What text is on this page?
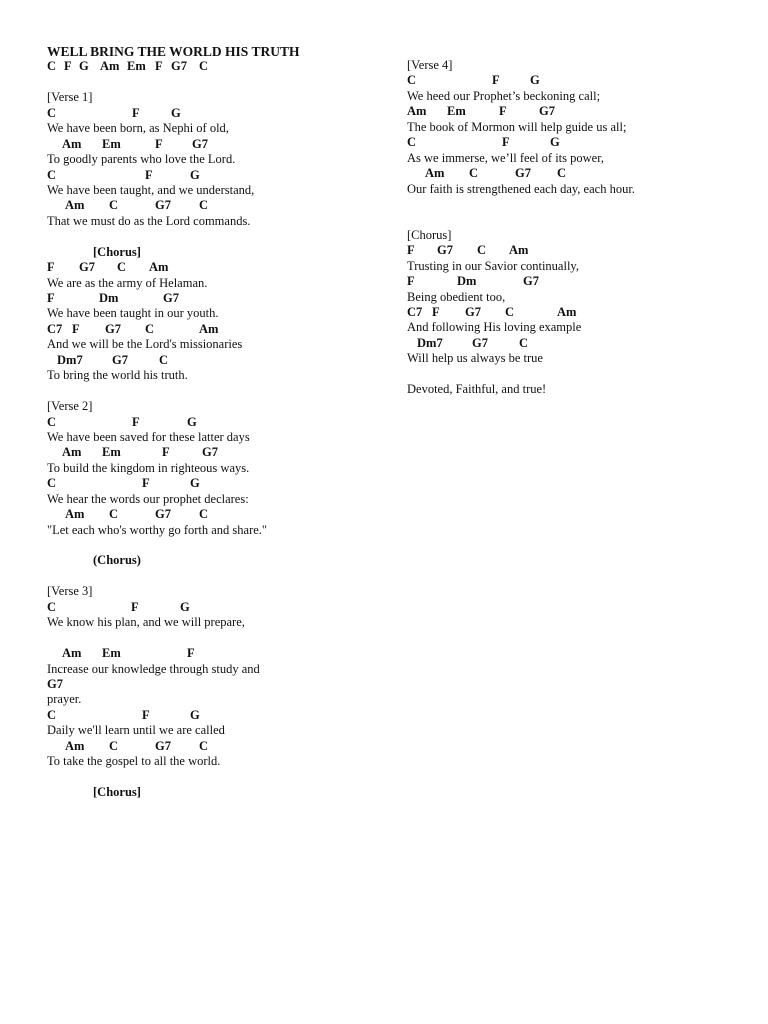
WELL BRING THE WORLD HIS TRUTH
C F G Am Em F G7 C
[Verse 1]
C	F	G
We have been born, as Nephi of old,
Am Em	F G7
To goodly parents who love the Lord.
C	F	G
We have been taught, and we understand,
Am C	G7 C
That we must do as the Lord commands.
[Chorus]
F G7 C Am
We are as the army of Helaman.
F	Dm	G7
We have been taught in our youth.
C7 F G7 C	Am
And we will be the Lord's missionaries
Dm7 G7 C
To bring the world his truth.
[Verse 2]
C	F	G
We have been saved for these latter days
Am Em	F	G7
To build the kingdom in righteous ways.
C	F	G
We hear the words our prophet declares:
Am C	G7 C
"Let each who's worthy go forth and share."
(Chorus)
[Verse 3]
C	F	G
We know his plan, and we will prepare,
Am Em	F
Increase our knowledge through study and
G7
prayer.
C	F	G
Daily we'll learn until we are called
Am C	G7 C
To take the gospel to all the world.
[Chorus]
[Verse 4]
C	F G
We heed our Prophet’s beckoning call;
Am Em	F	G7
The book of Mormon will help guide us all;
C	F	G
As we immerse, we’ll feel of its power,
Am C	G7 C
Our faith is strengthened each day, each hour.
[Chorus]
F G7 C Am
Trusting in our Savior continually,
F	Dm	G7
Being obedient too,
C7 F G7 C	Am
And following His loving example
Dm7 G7 C
Will help us always be true
Devoted, Faithful, and true!
